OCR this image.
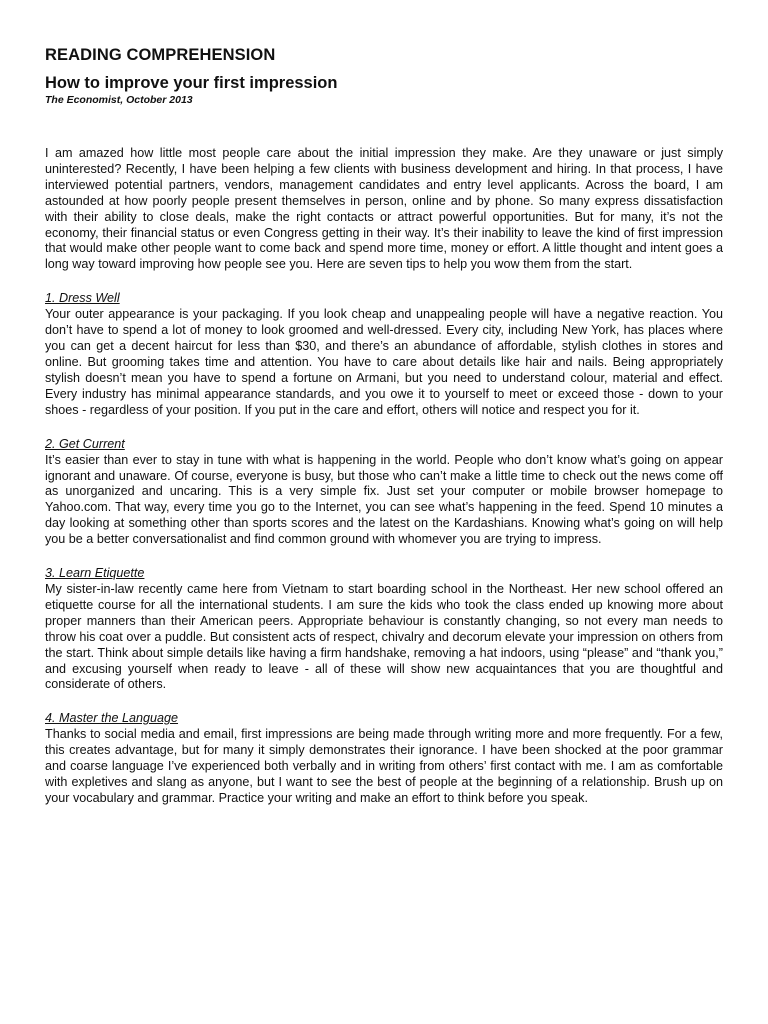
READING COMPREHENSION
How to improve your first impression

The Economist, October 2013

I am amazed how little most people care about the initial impression they make. Are they unaware or just simply uninterested? Recently, I have been helping a few clients with business development and hiring. In that process, I have interviewed potential partners, vendors, management candidates and entry level applicants. Across the board, I am astounded at how poorly people present themselves in person, online and by phone. So many express dissatisfaction with their ability to close deals, make the right contacts or attract powerful opportunities. But for many, it’s not the economy, their financial status or even Congress getting in their way. It’s their inability to leave the kind of first impression that would make other people want to come back and spend more time, money or effort. A little thought and intent goes a long way toward improving how people see you. Here are seven tips to help you wow them from the start.

1. Dress Well

Your outer appearance is your packaging. If you look cheap and unappealing people will have a negative reaction. You don’t have to spend a lot of money to look groomed and well-dressed. Every city, including New York, has places where you can get a decent haircut for less than $30, and there’s an abundance of affordable, stylish clothes in stores and online. But grooming takes time and attention. You have to care about details like hair and nails. Being appropriately stylish doesn’t mean you have to spend a fortune on Armani, but you need to understand colour, material and effect. Every industry has minimal appearance standards, and you owe it to yourself to meet or exceed those - down to your shoes - regardless of your position. If you put in the care and effort, others will notice and respect you for it.

2. Get Current

It’s easier than ever to stay in tune with what is happening in the world. People who don’t know what’s going on appear ignorant and unaware. Of course, everyone is busy, but those who can’t make a little time to check out the news come off as unorganized and uncaring. This is a very simple fix. Just set your computer or mobile browser homepage to Yahoo.com. That way, every time you go to the Internet, you can see what’s happening in the feed. Spend 10 minutes a day looking at something other than sports scores and the latest on the Kardashians. Knowing what’s going on will help you be a better conversationalist and find common ground with whomever you are trying to impress.

3. Learn Etiquette

My sister-in-law recently came here from Vietnam to start boarding school in the Northeast. Her new school offered an etiquette course for all the international students. I am sure the kids who took the class ended up knowing more about proper manners than their American peers. Appropriate behaviour is constantly changing, so not every man needs to throw his coat over a puddle. But consistent acts of respect, chivalry and decorum elevate your impression on others from the start. Think about simple details like having a firm handshake, removing a hat indoors, using “please” and “thank you,” and excusing yourself when ready to leave - all of these will show new acquaintances that you are thoughtful and considerate of others.

4. Master the Language

Thanks to social media and email, first impressions are being made through writing more and more frequently. For a few, this creates advantage, but for many it simply demonstrates their ignorance. I have been shocked at the poor grammar and coarse language I’ve experienced both verbally and in writing from others’ first contact with me. I am as comfortable with expletives and slang as anyone, but I want to see the best of people at the beginning of a relationship. Brush up on your vocabulary and grammar. Practice your writing and make an effort to think before you speak.
